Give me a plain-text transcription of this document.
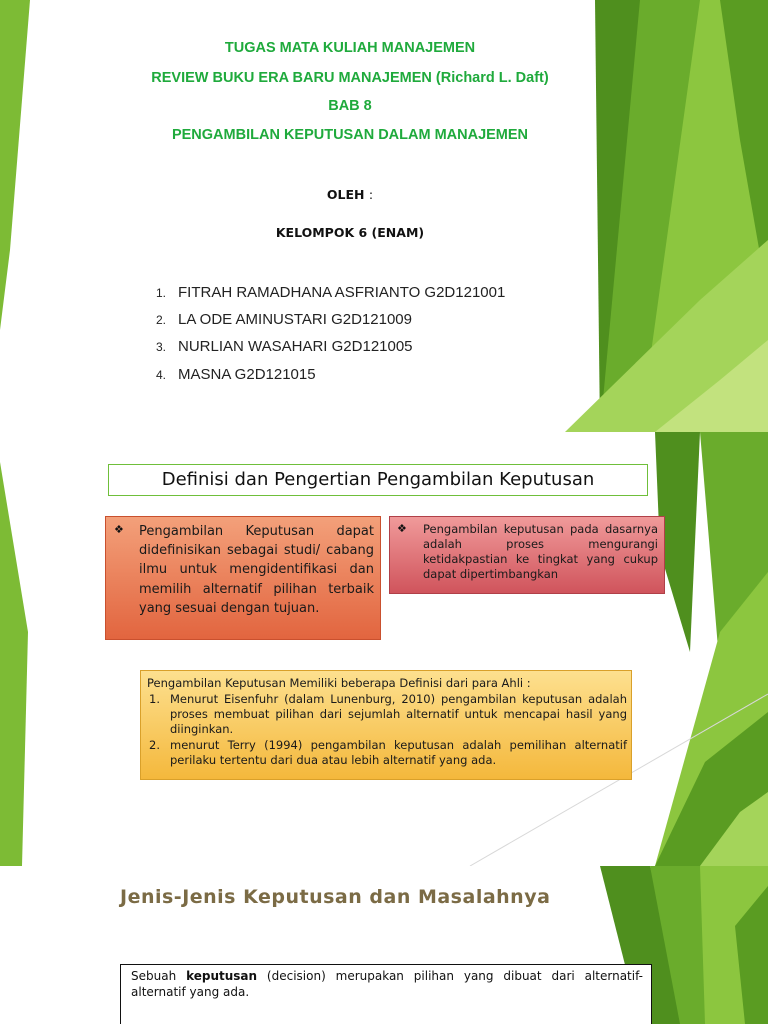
TUGAS MATA KULIAH MANAJEMEN
REVIEW BUKU ERA BARU MANAJEMEN (Richard L. Daft)
BAB 8
PENGAMBILAN KEPUTUSAN DALAM MANAJEMEN
OLEH :
KELOMPOK 6 (ENAM)
1. FITRAH RAMADHANA ASFRIANTO G2D121001
2. LA ODE AMINUSTARI G2D121009
3. NURLIAN WASAHARI G2D121005
4. MASNA G2D121015
Definisi dan Pengertian Pengambilan Keputusan
❖ Pengambilan Keputusan dapat didefinisikan sebagai studi/ cabang ilmu untuk mengidentifikasi dan memilih alternatif pilihan terbaik yang sesuai dengan tujuan.
❖ Pengambilan keputusan pada dasarnya adalah proses mengurangi ketidakpastian ke tingkat yang cukup dapat dipertimbangkan
Pengambilan Keputusan Memiliki beberapa Definisi dari para Ahli :
1. Menurut Eisenfuhr (dalam Lunenburg, 2010) pengambilan keputusan adalah proses membuat pilihan dari sejumlah alternatif untuk mencapai hasil yang diinginkan.
2. menurut Terry (1994) pengambilan keputusan adalah pemilihan alternatif perilaku tertentu dari dua atau lebih alternatif yang ada.
Jenis-Jenis Keputusan dan Masalahnya
Sebuah keputusan (decision) merupakan pilihan yang dibuat dari alternatif-alternatif yang ada.
